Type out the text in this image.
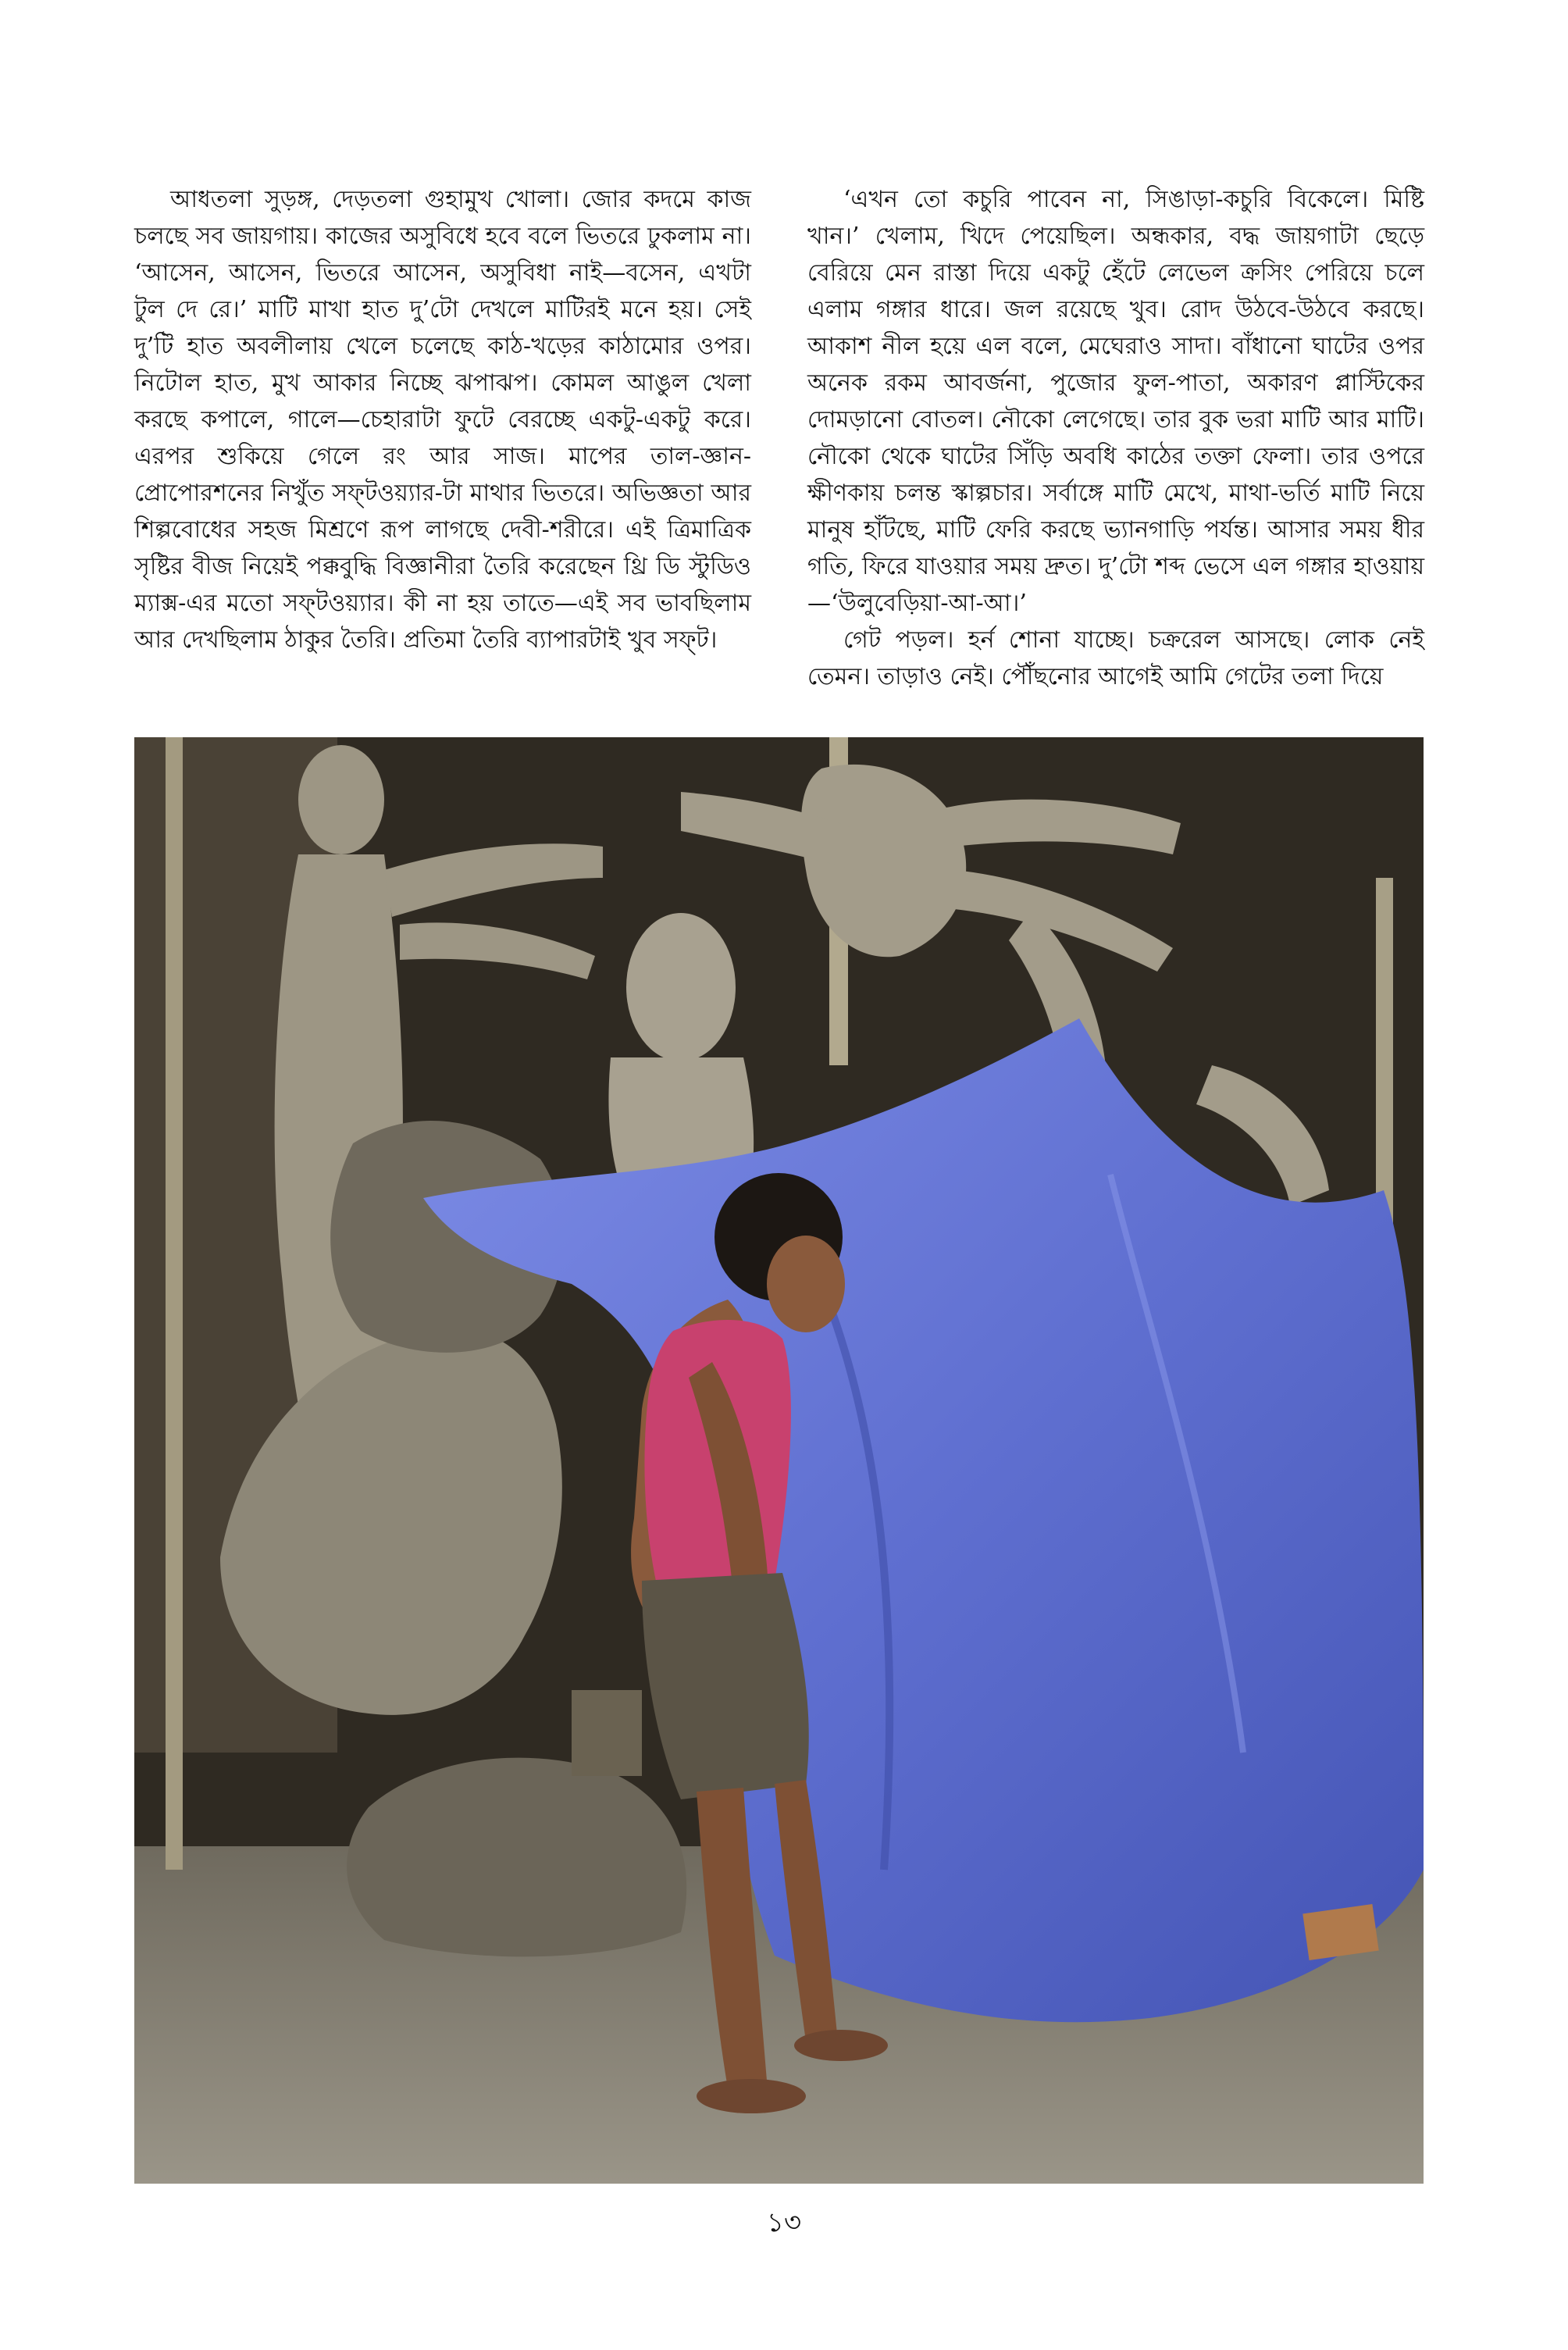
আধতলা সুড়ঙ্গ, দেড়তলা গুহামুখ খোলা। জোর কদমে কাজ চলছে সব জায়গায়। কাজের অসুবিধে হবে বলে ভিতরে ঢুকলাম না। ‘আসেন, আসেন, ভিতরে আসেন, অসুবিধা নাই—বসেন, এখটা টুল দে রে।’ মাটি মাখা হাত দু’টো দেখলে মাটিরই মনে হয়। সেই দু’টি হাত অবলীলায় খেলে চলেছে কাঠ-খড়ের কাঠামোর ওপর। নিটোল হাত, মুখ আকার নিচ্ছে ঝপাঝপ। কোমল আঙুল খেলা করছে কপালে, গালে—চেহারাটা ফুটে বেরচ্ছে একটু-একটু করে। এরপর শুকিয়ে গেলে রং আর সাজ। মাপের তাল-জ্ঞান-প্রোপোরশনের নিখুঁত সফ্‌টওয়্যার-টা মাথার ভিতরে। অভিজ্ঞতা আর শিল্পবোধের সহজ মিশ্রণে রূপ লাগছে দেবী-শরীরে। এই ত্রিমাত্রিক সৃষ্টির বীজ নিয়েই পক্কবুদ্ধি বিজ্ঞানীরা তৈরি করেছেন থ্রি ডি স্টুডিও ম্যাক্স-এর মতো সফ্‌টওয়্যার। কী না হয় তাতে—এই সব ভাবছিলাম আর দেখছিলাম ঠাকুর তৈরি। প্রতিমা তৈরি ব্যাপারটাই খুব সফ্‌ট।

‘এখন তো কচুরি পাবেন না, সিঙাড়া-কচুরি বিকেলে। মিষ্টি খান।’ খেলাম, খিদে পেয়েছিল। অন্ধকার, বদ্ধ জায়গাটা ছেড়ে বেরিয়ে মেন রাস্তা দিয়ে একটু হেঁটে লেভেল ক্রসিং পেরিয়ে চলে এলাম গঙ্গার ধারে। জল রয়েছে খুব। রোদ উঠবে-উঠবে করছে। আকাশ নীল হয়ে এল বলে, মেঘেরাও সাদা। বাঁধানো ঘাটের ওপর অনেক রকম আবর্জনা, পুজোর ফুল-পাতা, অকারণ প্লাস্টিকের দোমড়ানো বোতল। নৌকো লেগেছে। তার বুক ভরা মাটি আর মাটি। নৌকো থেকে ঘাটের সিঁড়ি অবধি কাঠের তক্তা ফেলা। তার ওপরে ক্ষীণকায় চলন্ত স্কাল্পচার। সর্বাঙ্গে মাটি মেখে, মাথা-ভর্তি মাটি নিয়ে মানুষ হাঁটছে, মাটি ফেরি করছে ভ্যানগাড়ি পর্যন্ত। আসার সময় ধীর গতি, ফিরে যাওয়ার সময় দ্রুত। দু’টো শব্দ ভেসে এল গঙ্গার হাওয়ায়—‘উলুবেড়িয়া-আ-আ।’

গেট পড়ল। হর্ন শোনা যাচ্ছে। চক্ররেল আসছে। লোক নেই তেমন। তাড়াও নেই। পৌঁছনোর আগেই আমি গেটের তলা দিয়ে

১৩
